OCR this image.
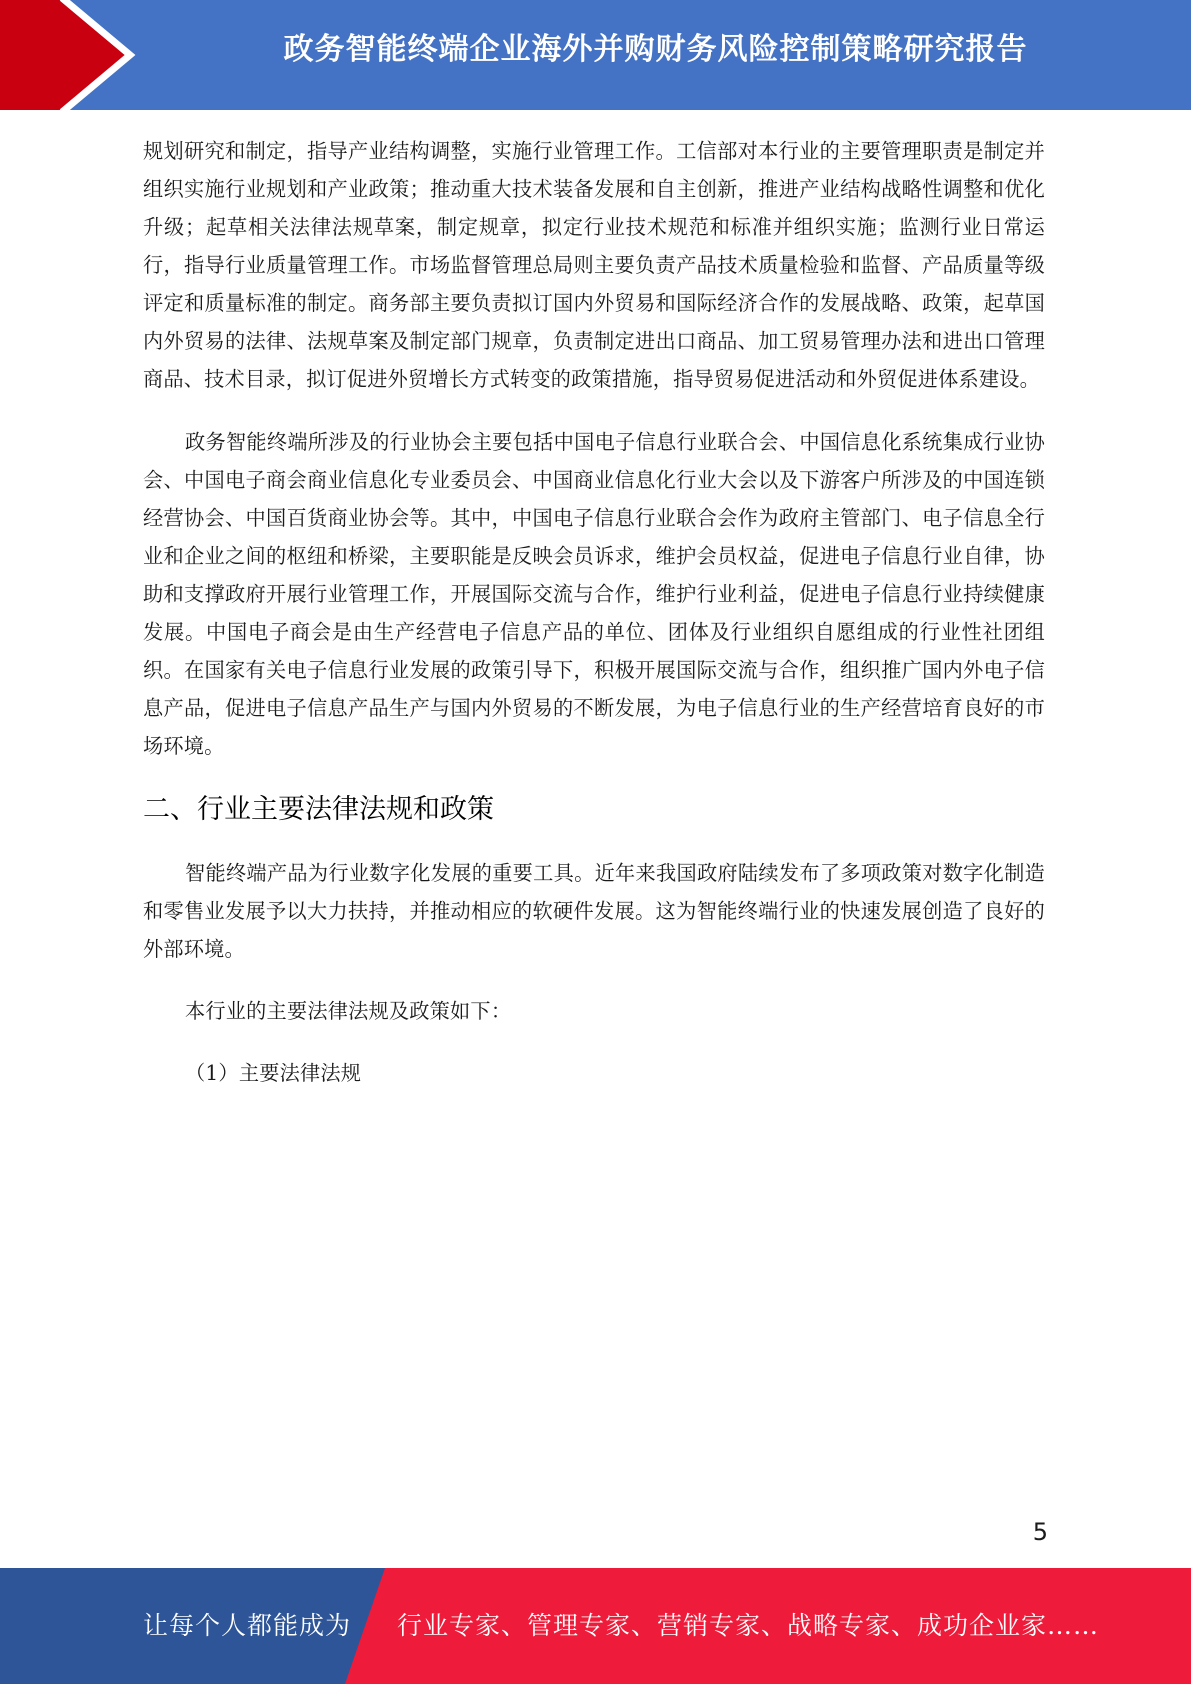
政务智能终端企业海外并购财务风险控制策略研究报告

规划研究和制定，指导产业结构调整，实施行业管理工作。工信部对本行业的主要管理职责是制定并组织实施行业规划和产业政策；推动重大技术装备发展和自主创新，推进产业结构战略性调整和优化升级；起草相关法律法规草案，制定规章，拟定行业技术规范和标准并组织实施；监测行业日常运行，指导行业质量管理工作。市场监督管理总局则主要负责产品技术质量检验和监督、产品质量等级评定和质量标准的制定。商务部主要负责拟订国内外贸易和国际经济合作的发展战略、政策，起草国内外贸易的法律、法规草案及制定部门规章，负责制定进出口商品、加工贸易管理办法和进出口管理商品、技术目录，拟订促进外贸增长方式转变的政策措施，指导贸易促进活动和外贸促进体系建设。

政务智能终端所涉及的行业协会主要包括中国电子信息行业联合会、中国信息化系统集成行业协会、中国电子商会商业信息化专业委员会、中国商业信息化行业大会以及下游客户所涉及的中国连锁经营协会、中国百货商业协会等。其中，中国电子信息行业联合会作为政府主管部门、电子信息全行业和企业之间的枢纽和桥梁，主要职能是反映会员诉求，维护会员权益，促进电子信息行业自律，协助和支撑政府开展行业管理工作，开展国际交流与合作，维护行业利益，促进电子信息行业持续健康发展。中国电子商会是由生产经营电子信息产品的单位、团体及行业组织自愿组成的行业性社团组织。在国家有关电子信息行业发展的政策引导下，积极开展国际交流与合作，组织推广国内外电子信息产品，促进电子信息产品生产与国内外贸易的不断发展，为电子信息行业的生产经营培育良好的市场环境。

二、行业主要法律法规和政策

智能终端产品为行业数字化发展的重要工具。近年来我国政府陆续发布了多项政策对数字化制造和零售业发展予以大力扶持，并推动相应的软硬件发展。这为智能终端行业的快速发展创造了良好的外部环境。

本行业的主要法律法规及政策如下：

（1）主要法律法规

5
让每个人都能成为 行业专家、管理专家、营销专家、战略专家、成功企业家……
